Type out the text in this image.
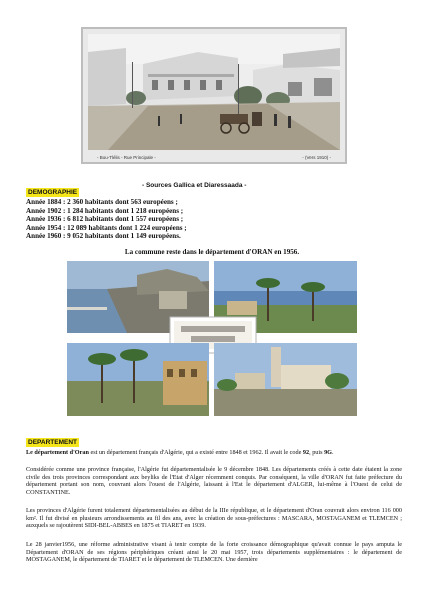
- Bou-Tlélis - Rue Principale -	- (Vers 1910) -
DEMOGRAPHIE
- Sources Gallica et Diaressaada -
Année 1884 : 2 360 habitants dont 563 européens ;
Année 1902 : 1 284 habitants dont 1 218 européens ;
Année 1936 : 6 812 habitants dont 1 557 européens ;
Année 1954 : 12 089 habitants dont 1 224 européens ;
Année 1960 : 9 052 habitants dont 1 149 européens.
La commune reste dans le département d'ORAN en 1956.
DEPARTEMENT
Le département d'Oran est un département français d'Algérie, qui a existé entre 1848 et 1962. Il avait le code 92, puis 9G.
Considérée comme une province française, l'Algérie fut départementalisée le 9 décembre 1848. Les départements créés à cette date étaient la zone civile des trois provinces correspondant aux beyliks de l'Etat d'Alger récemment conquis. Par conséquent, la ville d'ORAN fut faite préfecture du département portant son nom, couvrant alors l'ouest de l'Algérie, laissant à l'Est le département d'ALGER, lui-même à l'Ouest de celui de CONSTANTINE.
Les provinces d'Algérie furent totalement départementalisées au début de la IIIe république, et le département d'Oran couvrait alors environ 116 000 km². Il fut divisé en plusieurs arrondissements au fil des ans, avec la création de sous-préfectures : MASCARA, MOSTAGANEM et TLEMCEN ; auxquels se rajoutèrent SIDI-BEL-ABBES en 1875 et TIARET en 1939.
Le 28 janvier1956, une réforme administrative visant à tenir compte de la forte croissance démographique qu'avait connue le pays amputa le Département d'ORAN de ses régions périphériques créant ainsi le 20 mai 1957, trois départements supplémentaires : le département de MOSTAGANEM, le département de TIARET et le département de TLEMCEN. Une dernière
